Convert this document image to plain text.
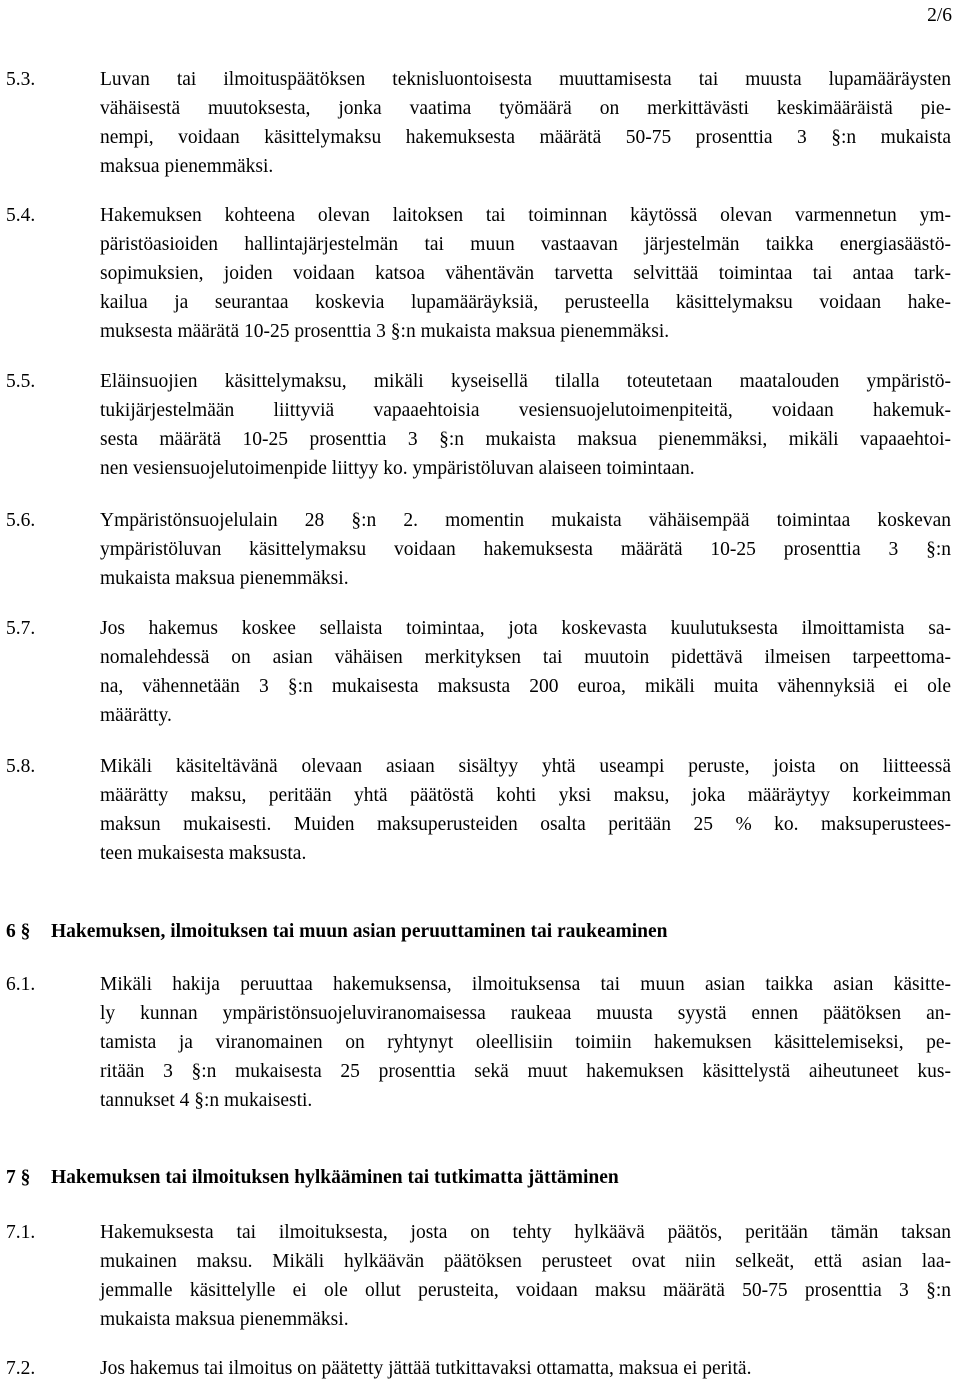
2/6
5.3.	Luvan tai ilmoituspäätöksen teknisluontoisesta muuttamisesta tai muusta lupamääräysten
vähäisestä muutoksesta, jonka vaatima työmäärä on merkittävästi keskimääräistä pie-
nempi, voidaan käsittelymaksu hakemuksesta määrätä 50-75 prosenttia 3 §:n mukaista
maksua pienemmäksi.
5.4.	Hakemuksen kohteena olevan laitoksen tai toiminnan käytössä olevan varmennetun ym-
päristöasioiden hallintajärjestelmän tai muun vastaavan järjestelmän taikka energiasäästö-
sopimuksien, joiden voidaan katsoa vähentävän tarvetta selvittää toimintaa tai antaa tark-
kailua ja seurantaa koskevia lupamääräyksiä, perusteella käsittelymaksu voidaan hake-
muksesta määrätä 10-25 prosenttia 3 §:n mukaista maksua pienemmäksi.
5.5.	Eläinsuojien käsittelymaksu, mikäli kyseisellä tilalla toteutetaan maatalouden ympäristö-
tukijärjestelmään liittyviä vapaaehtoisia vesiensuojelutoimenpiteitä, voidaan hakemuk-
sesta määrätä 10-25 prosenttia 3 §:n mukaista maksua pienemmäksi, mikäli vapaaehtoi-
nen vesiensuojelutoimenpide liittyy ko. ympäristöluvan alaiseen toimintaan.
5.6.	Ympäristönsuojelulain 28 §:n 2. momentin mukaista vähäisempää toimintaa koskevan
ympäristöluvan käsittelymaksu voidaan hakemuksesta määrätä 10-25 prosenttia 3 §:n
mukaista maksua pienemmäksi.
5.7.	Jos hakemus koskee sellaista toimintaa, jota koskevasta kuulutuksesta ilmoittamista sa-
nomalehdessä on asian vähäisen merkityksen tai muutoin pidettävä ilmeisen tarpeettoma-
na, vähennetään 3 §:n mukaisesta maksusta 200 euroa, mikäli muita vähennyksiä ei ole
määrätty.
5.8.	Mikäli käsiteltävänä olevaan asiaan sisältyy yhtä useampi peruste, joista on liitteessä
määrätty maksu, peritään yhtä päätöstä kohti yksi maksu, joka määräytyy korkeimman
maksun mukaisesti. Muiden maksuperusteiden osalta peritään 25 % ko. maksuperustees-
teen mukaisesta maksusta.
6 § Hakemuksen, ilmoituksen tai muun asian peruuttaminen tai raukeaminen
6.1.	Mikäli hakija peruuttaa hakemuksensa, ilmoituksensa tai muun asian taikka asian käsitte-
ly kunnan ympäristönsuojeluviranomaisessa raukeaa muusta syystä ennen päätöksen an-
tamista ja viranomainen on ryhtynyt oleellisiin toimiin hakemuksen käsittelemiseksi, pe-
ritään 3 §:n mukaisesta 25 prosenttia sekä muut hakemuksen käsittelystä aiheutuneet kus-
tannukset 4 §:n mukaisesti.
7 § Hakemuksen tai ilmoituksen hylkääminen tai tutkimatta jättäminen
7.1.	Hakemuksesta tai ilmoituksesta, josta on tehty hylkäävä päätös, peritään tämän taksan
mukainen maksu. Mikäli hylkäävän päätöksen perusteet ovat niin selkeät, että asian laa-
jemmalle käsittelylle ei ole ollut perusteita, voidaan maksu määrätä 50-75 prosenttia 3 §:n
mukaista maksua pienemmäksi.
7.2.	Jos hakemus tai ilmoitus on päätetty jättää tutkittavaksi ottamatta, maksua ei peritä.
